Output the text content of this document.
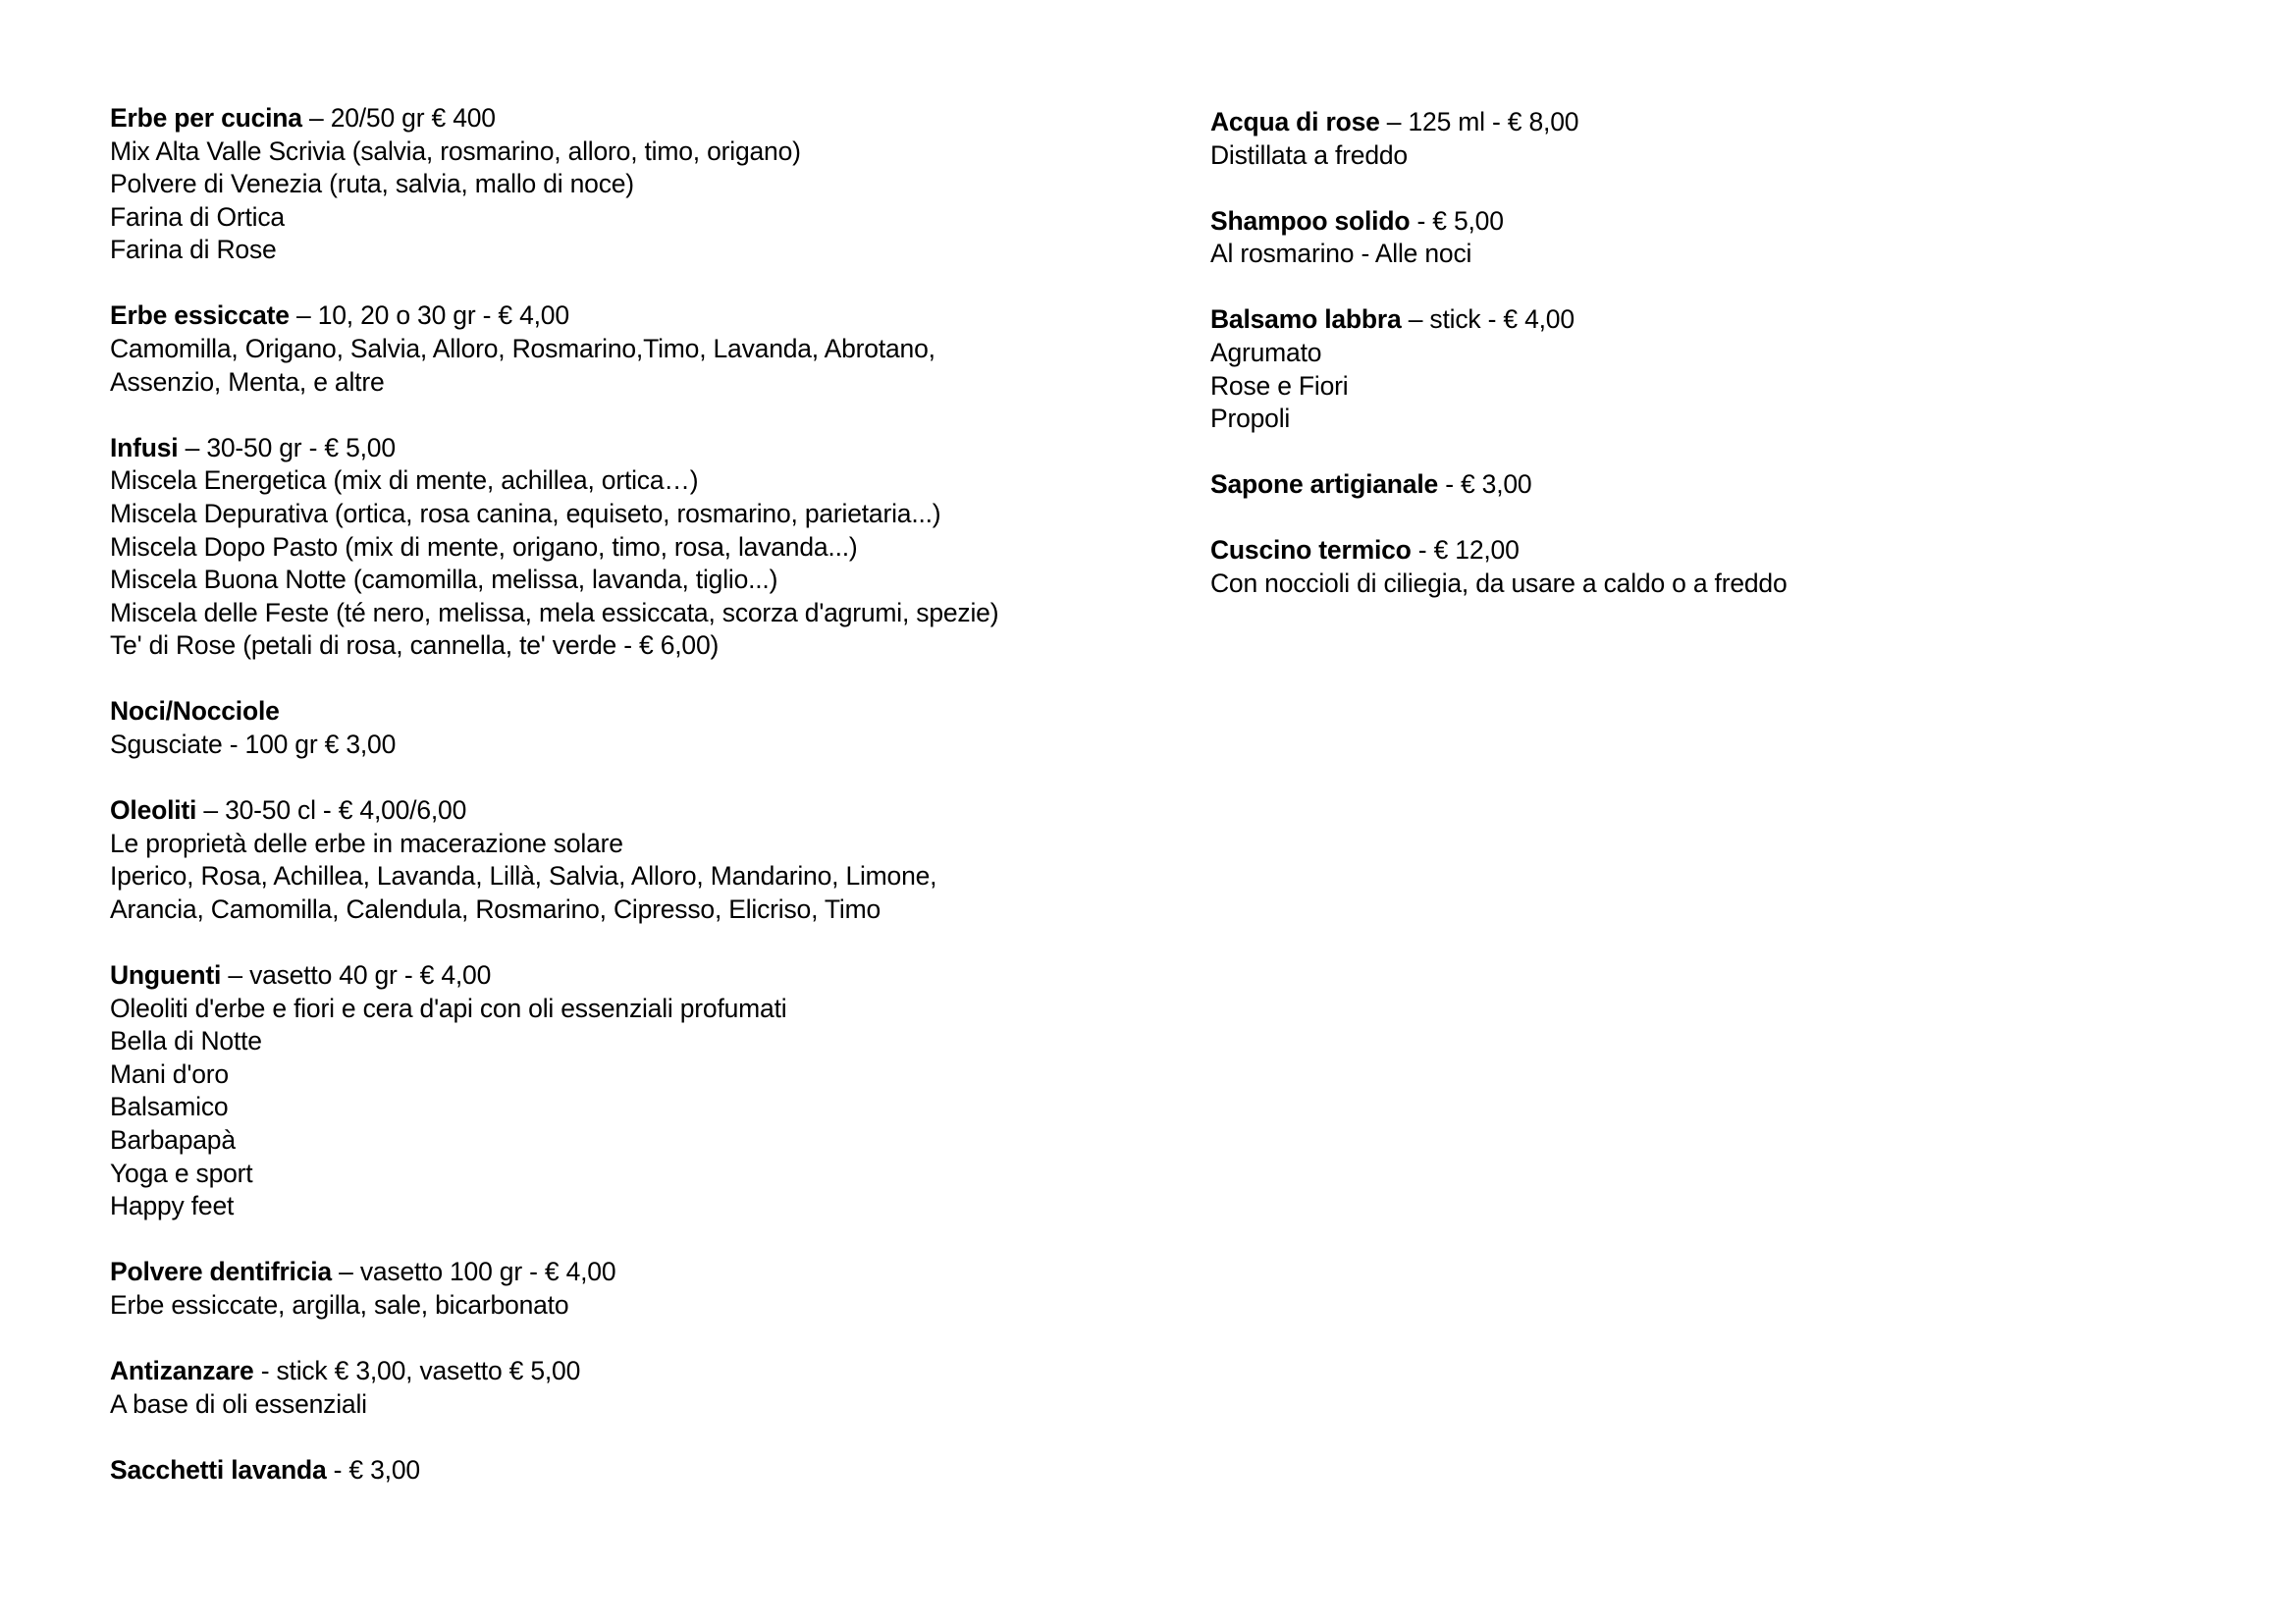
Erbe per cucina – 20/50 gr € 400
Mix Alta Valle Scrivia (salvia, rosmarino, alloro, timo, origano)
Polvere di Venezia (ruta, salvia, mallo di noce)
Farina di Ortica
Farina di Rose
Erbe essiccate – 10, 20 o 30 gr - € 4,00
Camomilla, Origano, Salvia, Alloro, Rosmarino,Timo, Lavanda, Abrotano,
Assenzio, Menta, e altre
Infusi – 30-50 gr - € 5,00
Miscela Energetica (mix di mente, achillea, ortica…)
Miscela Depurativa (ortica, rosa canina, equiseto, rosmarino, parietaria...)
Miscela Dopo Pasto (mix di mente, origano, timo, rosa, lavanda...)
Miscela Buona Notte (camomilla, melissa, lavanda, tiglio...)
Miscela delle Feste (té nero, melissa, mela essiccata, scorza d'agrumi, spezie)
Te' di Rose (petali di rosa, cannella, te' verde - € 6,00)
Noci/Nocciole
Sgusciate - 100 gr € 3,00
Oleoliti – 30-50 cl - € 4,00/6,00
Le proprietà delle erbe in macerazione solare
Iperico, Rosa, Achillea, Lavanda, Lillà, Salvia, Alloro, Mandarino, Limone,
Arancia, Camomilla, Calendula, Rosmarino, Cipresso, Elicriso, Timo
Unguenti – vasetto 40 gr - € 4,00
Oleoliti d'erbe e fiori e cera d'api con oli essenziali profumati
Bella di Notte
Mani d'oro
Balsamico
Barbapapà
Yoga e sport
Happy feet
Polvere dentifricia – vasetto 100 gr - € 4,00
Erbe essiccate, argilla, sale, bicarbonato
Antizanzare - stick € 3,00, vasetto € 5,00
A base di oli essenziali
Sacchetti lavanda - € 3,00
Acqua di rose – 125 ml - € 8,00
Distillata a freddo
Shampoo solido - € 5,00
Al rosmarino - Alle noci
Balsamo labbra – stick - € 4,00
Agrumato
Rose e Fiori
Propoli
Sapone artigianale - € 3,00
Cuscino termico - € 12,00
Con noccioli di ciliegia, da usare a caldo o a freddo
